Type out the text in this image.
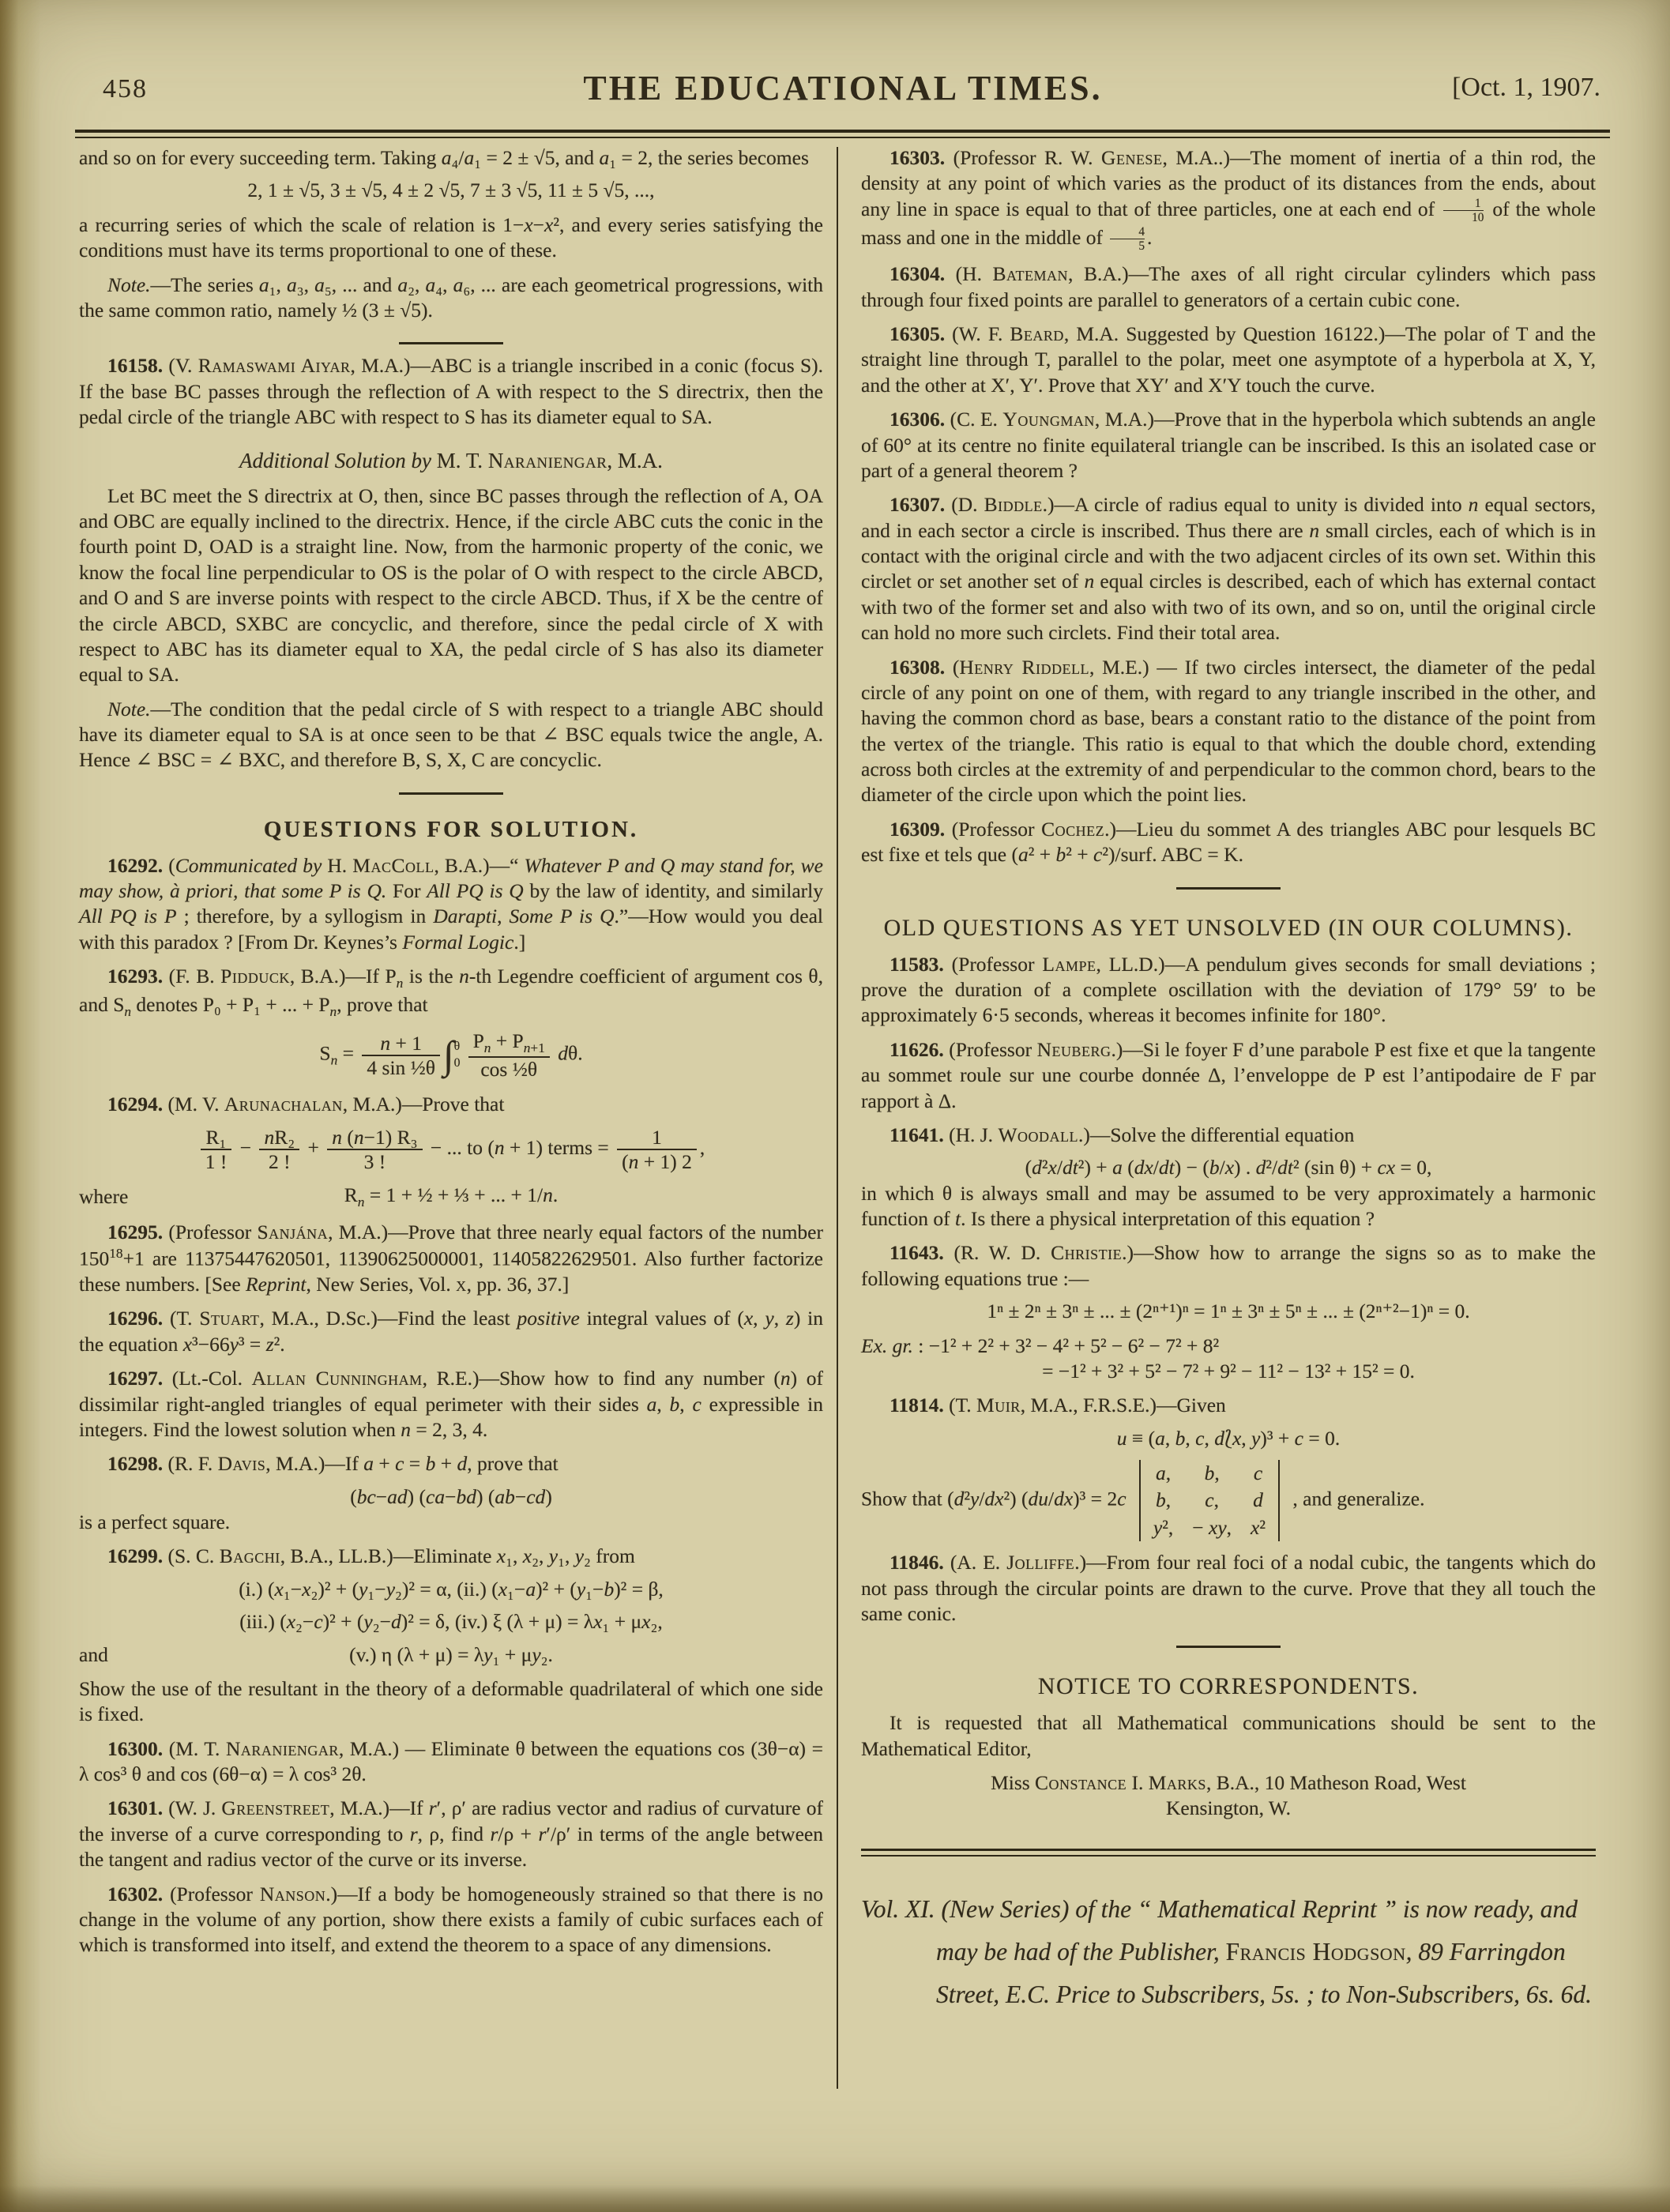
458	THE EDUCATIONAL TIMES.	[Oct. 1, 1907.
and so on for every succeeding term. Taking a₄/a₁ = 2 ± √5, and a₁ = 2, the series becomes
2, 1 ± √5, 3 ± √5, 4 ± 2 √5, 7 ± 3 √5, 11 ± 5 √5, ...,
a recurring series of which the scale of relation is 1−x−x², and every series satisfying the conditions must have its terms proportional to one of these.
Note.—The series a₁, a₃, a₅, ... and a₂, a₄, a₆, ... are each geometrical progressions, with the same common ratio, namely ½ (3 ± √5).
16158. (V. Ramaswami Aiyar, M.A.)—ABC is a triangle inscribed in a conic (focus S). If the base BC passes through the reflection of A with respect to the S directrix, then the pedal circle of the triangle ABC with respect to S has its diameter equal to SA.
Additional Solution by M. T. Naraniengar, M.A.
Let BC meet the S directrix at O, then, since BC passes through the reflection of A, OA and OBC are equally inclined to the directrix. Hence, if the circle ABC cuts the conic in the fourth point D, OAD is a straight line. Now, from the harmonic property of the conic, we know the focal line perpendicular to OS is the polar of O with respect to the circle ABCD, and O and S are inverse points with respect to the circle ABCD. Thus, if X be the centre of the circle ABCD, SXBC are concyclic, and therefore, since the pedal circle of X with respect to ABC has its diameter equal to XA, the pedal circle of S has also its diameter equal to SA.
Note.—The condition that the pedal circle of S with respect to a triangle ABC should have its diameter equal to SA is at once seen to be that ∠ BSC equals twice the angle, A. Hence ∠ BSC = ∠ BXC, and therefore B, S, X, C are concyclic.
QUESTIONS FOR SOLUTION.
16292. (Communicated by H. MacColl, B.A.)—“ Whatever P and Q may stand for, we may show, à priori, that some P is Q. For All PQ is Q by the law of identity, and similarly All PQ is P ; therefore, by a syllogism in Darapti, Some P is Q.”—How would you deal with this paradox ? [From Dr. Keynes’s Formal Logic.]
16293. (F. B. Pidduck, B.A.)—If $P_n$ is the n-th Legendre coefficient of argument cos θ, and $S_n$ denotes P₀ + P₁ + ... + $P_n$, prove that
$S_n = \frac{n + 1}{\text{4 sin ½θ}} \int\theta$
$0 \frac{P_n + P_{n+1}}{\text{cos ½θ}} d\theta$.
16294. (M. V. Arunachalan, M.A.)—Prove that
$\frac{\text{R₁}}{1 !} - \frac{\text{nR₂}}{2 !} + \frac{\text{n (n−1) R₃}}{3 !}$ − ... to (n + 1) terms = $\frac{1}{(n + 1) 2}$ ,
where	$R_n = 1$ + ½ + ⅓ + ... + 1/n.
16295. (Professor Sanjána, M.A.)—Prove that three nearly equal factors of the number $150^{18}+1$ are 11375447620501, 11390625000001, 11405822629501. Also further factorize these numbers. [See Reprint, New Series, Vol. x, pp. 36, 37.]
16296. (T. Stuart, M.A., D.Sc.)—Find the least positive integral values of (x, y, z) in the equation x³−66y³ = z².
16297. (Lt.-Col. Allan Cunningham, R.E.)—Show how to find any number (n) of dissimilar right-angled triangles of equal perimeter with their sides a, b, c expressible in integers. Find the lowest solution when n = 2, 3, 4.
16298. (R. F. Davis, M.A.)—If a + c = b + d, prove that
(bc−ad) (ca−bd) (ab−cd)
is a perfect square.
16299. (S. C. Bagchi, B.A., LL.B.)—Eliminate x₁, x₂, y₁, y₂ from
(i.) (x₁−x₂)² + (y₁−y₂)² = α, (ii.) (x₁−a)² + (y₁−b)² = β,
(iii.) (x₂−c)² + (y₂−d)² = δ, (iv.) ξ (λ + μ) = λx₁ + μx₂,
and	(v.) η (λ + μ) = λy₁ + μy₂.
Show the use of the resultant in the theory of a deformable quadrilateral of which one side is fixed.
16300. (M. T. Naraniengar, M.A.) — Eliminate θ between the equations cos (3θ−α) = λ cos³ θ and cos (6θ−α) = λ cos³ 2θ.
16301. (W. J. Greenstreet, M.A.)—If r′, ρ′ are radius vector and radius of curvature of the inverse of a curve corresponding to r, ρ, find r/ρ + r′/ρ′ in terms of the angle between the tangent and radius vector of the curve or its inverse.
16302. (Professor Nanson.)—If a body be homogeneously strained so that there is no change in the volume of any portion, show there exists a family of cubic surfaces each of which is transformed into itself, and extend the theorem to a space of any dimensions.
16303. (Professor R. W. Genese, M.A..)—The moment of inertia of a thin rod, the density at any point of which varies as the product of its distances from the ends, about any line in space is equal to that of three particles, one at each end of $\frac{1}{10}$ of the whole mass and one in the middle of $\frac{4}{5}$ .
16304. (H. Bateman, B.A.)—The axes of all right circular cylinders which pass through four fixed points are parallel to generators of a certain cubic cone.
16305. (W. F. Beard, M.A. Suggested by Question 16122.)—The polar of T and the straight line through T, parallel to the polar, meet one asymptote of a hyperbola at X, Y, and the other at X′, Y′. Prove that XY′ and X′Y touch the curve.
16306. (C. E. Youngman, M.A.)—Prove that in the hyperbola which subtends an angle of 60° at its centre no finite equilateral triangle can be inscribed. Is this an isolated case or part of a general theorem ?
16307. (D. Biddle.)—A circle of radius equal to unity is divided into n equal sectors, and in each sector a circle is inscribed. Thus there are n small circles, each of which is in contact with the original circle and with the two adjacent circles of its own set. Within this circlet or set another set of n equal circles is described, each of which has external contact with two of the former set and also with two of its own, and so on, until the original circle can hold no more such circlets. Find their total area.
16308. (Henry Riddell, M.E.) — If two circles intersect, the diameter of the pedal circle of any point on one of them, with regard to any triangle inscribed in the other, and having the common chord as base, bears a constant ratio to the distance of the point from the vertex of the triangle. This ratio is equal to that which the double chord, extending across both circles at the extremity of and perpendicular to the common chord, bears to the diameter of the circle upon which the point lies.
16309. (Professor Cochez.)—Lieu du sommet A des triangles ABC pour lesquels BC est fixe et tels que (a² + b² + c²)/surf. ABC = K.
OLD QUESTIONS AS YET UNSOLVED (IN OUR COLUMNS).
11583. (Professor Lampe, LL.D.)—A pendulum gives seconds for small deviations ; prove the duration of a complete oscillation with the deviation of 179° 59′ to be approximately 6·5 seconds, whereas it becomes infinite for 180°.
11626. (Professor Neuberg.)—Si le foyer F d’une parabole P est fixe et que la tangente au sommet roule sur une courbe donnée Δ, l’enveloppe de P est l’antipodaire de F par rapport à Δ.
11641. (H. J. Woodall.)—Solve the differential equation
(d²x/dt²) + a (dx/dt) − (b/x) . d²/dt² (sin θ) + cx = 0,
in which θ is always small and may be assumed to be very approximately a harmonic function of t. Is there a physical interpretation of this equation ?
11643. (R. W. D. Christie.)—Show how to arrange the signs so as to make the following equations true :—
1ⁿ ± 2ⁿ ± 3ⁿ ± ... ± (2ⁿ⁺¹)ⁿ = 1ⁿ ± 3ⁿ ± 5ⁿ ± ... ± (2ⁿ⁺²−1)ⁿ = 0.
Ex. gr. : −1² + 2² + 3² − 4² + 5² − 6² − 7² + 8²
= −1² + 3² + 5² − 7² + 9² − 11² − 13² + 15² = 0.
11814. (T. Muir, M.A., F.R.S.E.)—Given
u ≡ (a, b, c, d⟅x, y)³ + c = 0.
Show that (d²y/dx²) (du/dx)³ = 2c a,	b,	c
b,	c,	d
y²,	− xy,	x² , and generalize.
11846. (A. E. Jolliffe.)—From four real foci of a nodal cubic, the tangents which do not pass through the circular points are drawn to the curve. Prove that they all touch the same conic.
NOTICE TO CORRESPONDENTS.
It is requested that all Mathematical communications should be sent to the Mathematical Editor,
Miss Constance I. Marks, B.A., 10 Matheson Road, West
Kensington, W.
Vol. XI. (New Series) of the “ Mathematical Reprint ” is now ready, and may be had of the Publisher, Francis Hodgson, 89 Farringdon Street, E.C. Price to Subscribers, 5s. ; to Non-Subscribers, 6s. 6d.
